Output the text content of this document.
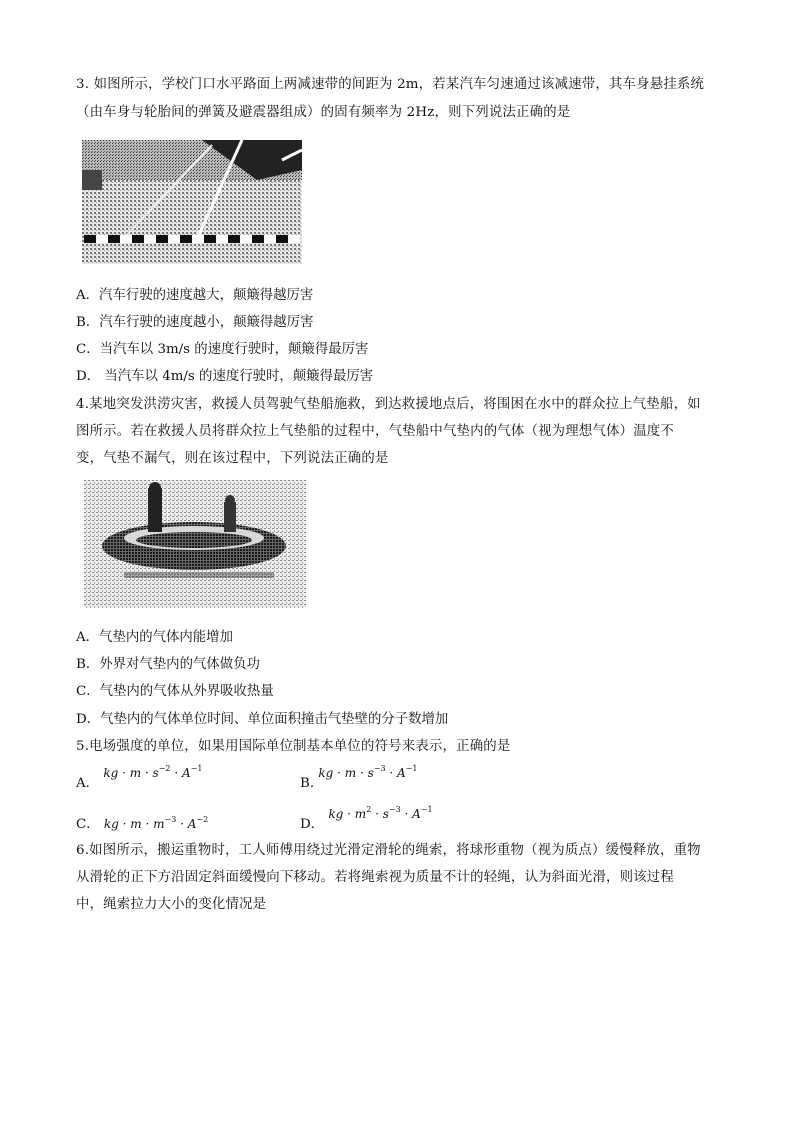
3. 如图所示，学校门口水平路面上两减速带的间距为 2m，若某汽车匀速通过该减速带，其车身悬挂系统
（由车身与轮胎间的弹簧及避震器组成）的固有频率为 2Hz，则下列说法正确的是
A．汽车行驶的速度越大，颠簸得越厉害
B．汽车行驶的速度越小，颠簸得越厉害
C．当汽车以 3m/s 的速度行驶时，颠簸得最厉害
D． 当汽车以 4m/s 的速度行驶时，颠簸得最厉害
4.某地突发洪涝灾害，救援人员驾驶气垫船施救，到达救援地点后，将围困在水中的群众拉上气垫船，如
图所示。若在救援人员将群众拉上气垫船的过程中，气垫船中气垫内的气体（视为理想气体）温度不
变，气垫不漏气，则在该过程中，下列说法正确的是
A．气垫内的气体内能增加
B．外界对气垫内的气体做负功
C．气垫内的气体从外界吸收热量
D．气垫内的气体单位时间、单位面积撞击气垫壁的分子数增加
5.电场强度的单位，如果用国际单位制基本单位的符号来表示，正确的是
A． kg · $m \cdot s^{-2} \cdot A^{-1}$
B. kg · $m \cdot s^{-3} \cdot A^{-1}$
C． kg · $m \cdot m^{-3} \cdot A^{-2}$	D． kg · $m^2 \cdot s^{-3} \cdot A^{-1}$
6.如图所示，搬运重物时，工人师傅用绕过光滑定滑轮的绳索，将球形重物（视为质点）缓慢释放，重物
从滑轮的正下方沿固定斜面缓慢向下移动。若将绳索视为质量不计的轻绳，认为斜面光滑，则该过程
中，绳索拉力大小的变化情况是
